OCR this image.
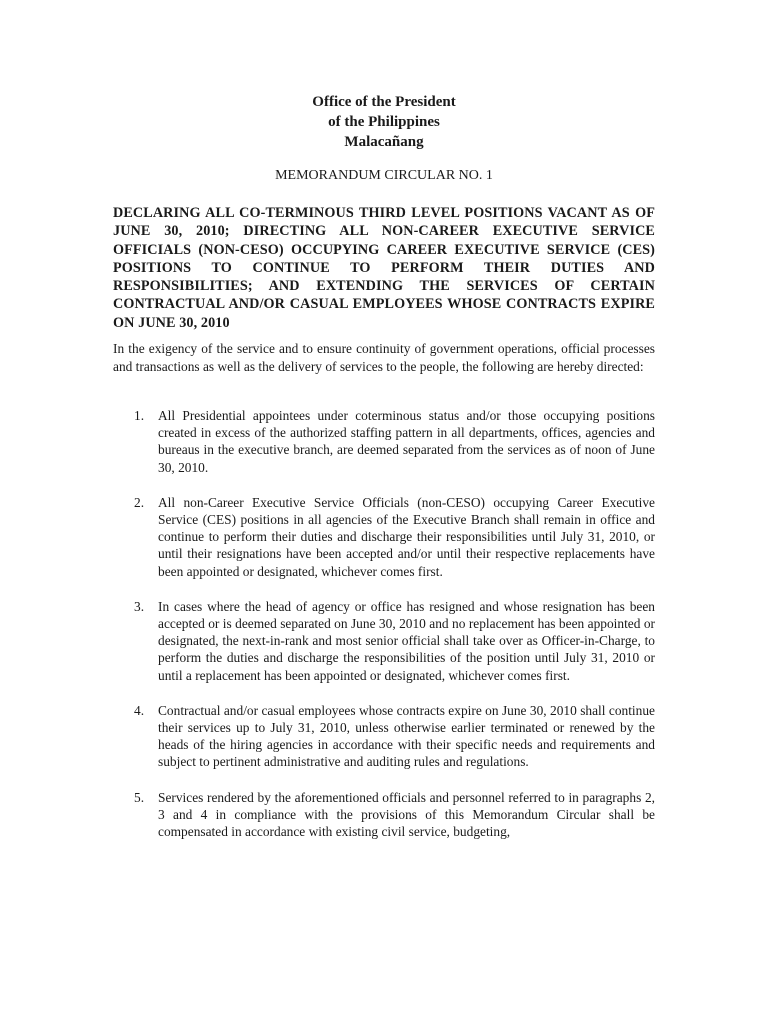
Office of the President
of the Philippines
Malacañang
MEMORANDUM CIRCULAR NO. 1
DECLARING ALL CO-TERMINOUS THIRD LEVEL POSITIONS VACANT AS OF JUNE 30, 2010; DIRECTING ALL NON-CAREER EXECUTIVE SERVICE OFFICIALS (NON-CESO) OCCUPYING CAREER EXECUTIVE SERVICE (CES) POSITIONS TO CONTINUE TO PERFORM THEIR DUTIES AND RESPONSIBILITIES; AND EXTENDING THE SERVICES OF CERTAIN CONTRACTUAL AND/OR CASUAL EMPLOYEES WHOSE CONTRACTS EXPIRE ON JUNE 30, 2010
In the exigency of the service and to ensure continuity of government operations, official processes and transactions as well as the delivery of services to the people, the following are hereby directed:
1. All Presidential appointees under coterminous status and/or those occupying positions created in excess of the authorized staffing pattern in all departments, offices, agencies and bureaus in the executive branch, are deemed separated from the services as of noon of June 30, 2010.
2. All non-Career Executive Service Officials (non-CESO) occupying Career Executive Service (CES) positions in all agencies of the Executive Branch shall remain in office and continue to perform their duties and discharge their responsibilities until July 31, 2010, or until their resignations have been accepted and/or until their respective replacements have been appointed or designated, whichever comes first.
3. In cases where the head of agency or office has resigned and whose resignation has been accepted or is deemed separated on June 30, 2010 and no replacement has been appointed or designated, the next-in-rank and most senior official shall take over as Officer-in-Charge, to perform the duties and discharge the responsibilities of the position until July 31, 2010 or until a replacement has been appointed or designated, whichever comes first.
4. Contractual and/or casual employees whose contracts expire on June 30, 2010 shall continue their services up to July 31, 2010, unless otherwise earlier terminated or renewed by the heads of the hiring agencies in accordance with their specific needs and requirements and subject to pertinent administrative and auditing rules and regulations.
5. Services rendered by the aforementioned officials and personnel referred to in paragraphs 2, 3 and 4 in compliance with the provisions of this Memorandum Circular shall be compensated in accordance with existing civil service, budgeting,
